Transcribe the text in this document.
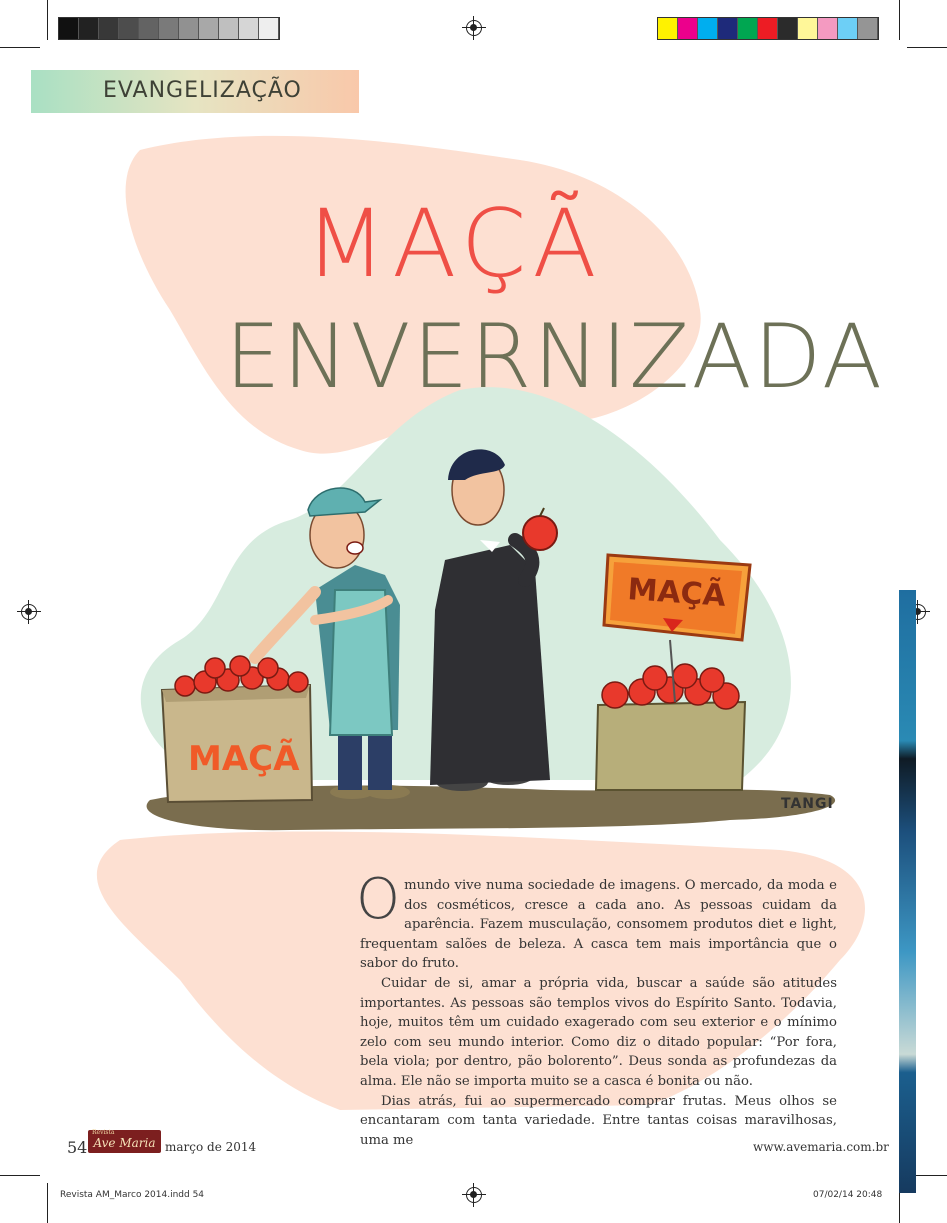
EVANGELIZAÇÃO
MAÇÃ
ENVERNIZADA
MAÇÃ
MAÇÃ
TANGI

Omundo vive numa sociedade de imagens. O mercado, da moda e dos cosméticos, cresce a cada ano. As pessoas cuidam da aparência. Fazem musculação, consomem produtos diet e light, frequentam salões de beleza. A casca tem mais importância que o sabor do fruto.

Cuidar de si, amar a própria vida, buscar a saúde são atitudes importantes. As pessoas são templos vivos do Espírito Santo. Todavia, hoje, muitos têm um cuidado exagerado com seu exterior e o mínimo zelo com seu mundo interior. Como diz o ditado popular: “Por fora, bela viola; por dentro, pão bolorento”. Deus sonda as profundezas da alma. Ele não se importa muito se a casca é bonita ou não.

Dias atrás, fui ao supermercado comprar frutas. Meus olhos se encantaram com tanta variedade. Entre tantas coisas maravilhosas, uma me

54
Revista
Ave Maria março de 2014	www.avemaria.com.br
Revista AM_Marco 2014.indd 54	07/02/14 20:48
